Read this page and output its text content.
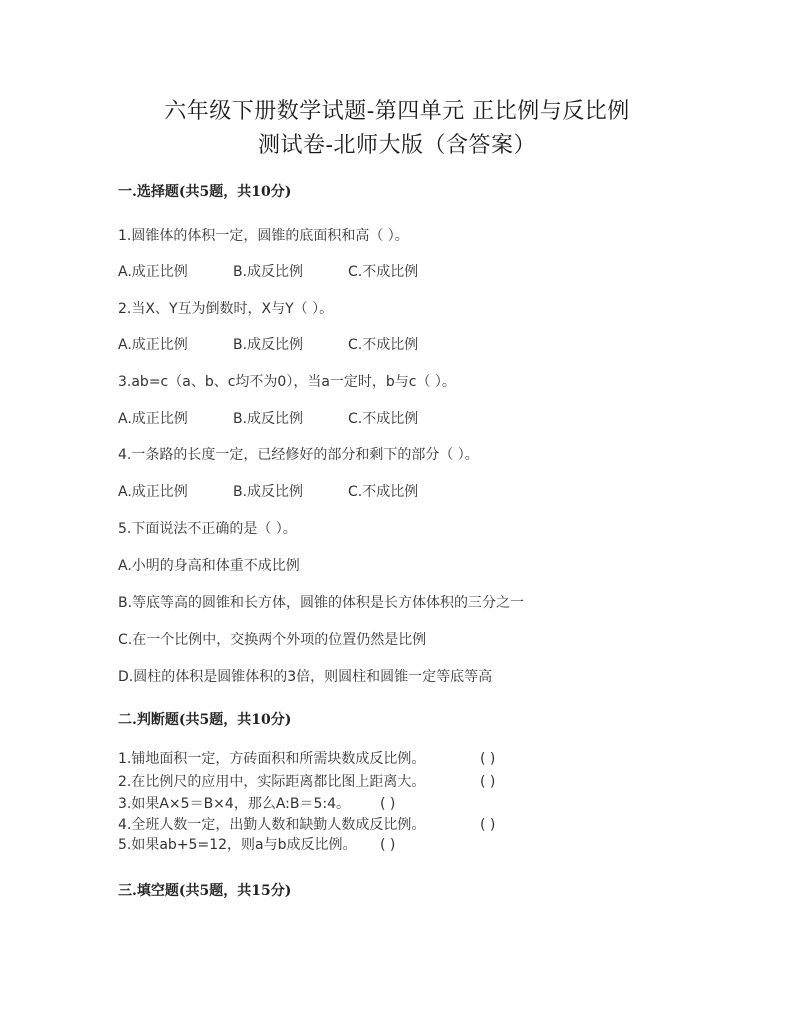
六年级下册数学试题-第四单元 正比例与反比例
测试卷-北师大版（含答案）
一.选择题(共5题，共10分)
1.圆锥体的体积一定，圆锥的底面积和高（ ）。
A.成正比例	B.成反比例	C.不成比例
2.当X、Y互为倒数时，X与Y（ ）。
A.成正比例	B.成反比例	C.不成比例
3.ab=c（a、b、c均不为0），当a一定时，b与c（ ）。
A.成正比例	B.成反比例	C.不成比例
4.一条路的长度一定，已经修好的部分和剩下的部分（ ）。
A.成正比例	B.成反比例	C.不成比例
5.下面说法不正确的是（ ）。
A.小明的身高和体重不成比例
B.等底等高的圆锥和长方体，圆锥的体积是长方体体积的三分之一
C.在一个比例中，交换两个外项的位置仍然是比例
D.圆柱的体积是圆锥体积的3倍，则圆柱和圆锥一定等底等高
二.判断题(共5题，共10分)
1.铺地面积一定，方砖面积和所需块数成反比例。	( )
2.在比例尺的应用中，实际距离都比图上距离大。	( )
3.如果A×5＝B×4，那么A:B＝5:4。 ( )
4.全班人数一定，出勤人数和缺勤人数成反比例。	( )
5.如果ab+5=12，则a与b成反比例。 ( )
三.填空题(共5题，共15分)
